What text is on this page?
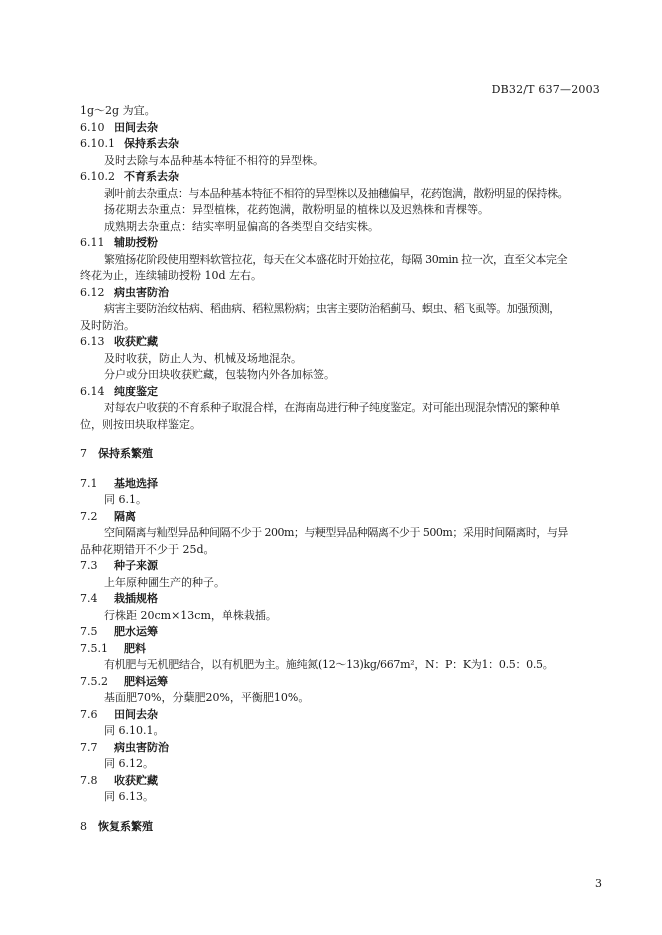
DB32/T 637—2003
1g～2g 为宜。
6.10 田间去杂
6.10.1 保持系去杂
及时去除与本品种基本特征不相符的异型株。
6.10.2 不育系去杂
剥叶前去杂重点：与本品种基本特征不相符的异型株以及抽穗偏早，花药饱满，散粉明显的保持株。
扬花期去杂重点：异型植株，花药饱满，散粉明显的植株以及迟熟株和青棵等。
成熟期去杂重点：结实率明显偏高的各类型自交结实株。
6.11 辅助授粉
繁殖扬花阶段使用塑料软管拉花，每天在父本盛花时开始拉花，每隔 30min 拉一次，直至父本完全
终花为止，连续辅助授粉 10d 左右。
6.12 病虫害防治
病害主要防治纹枯病、稻曲病、稻粒黑粉病；虫害主要防治稻蓟马、螟虫、稻飞虱等。加强预测，
及时防治。
6.13 收获贮藏
及时收获，防止人为、机械及场地混杂。
分户或分田块收获贮藏，包装物内外各加标签。
6.14 纯度鉴定
对每农户收获的不育系种子取混合样，在海南岛进行种子纯度鉴定。对可能出现混杂情况的繁种单
位，则按田块取样鉴定。
7 保持系繁殖
7.1 基地选择
同 6.1。
7.2 隔离
空间隔离与籼型异品种间隔不少于 200m；与粳型异品种隔离不少于 500m；采用时间隔离时，与异
品种花期错开不少于 25d。
7.3 种子来源
上年原种圃生产的种子。
7.4 栽插规格
行株距 20cm×13cm，单株栽插。
7.5 肥水运筹
7.5.1 肥料
有机肥与无机肥结合，以有机肥为主。施纯氮(12～13)kg/667m²，N：P：K为1：0.5：0.5。
7.5.2 肥料运筹
基面肥70%，分蘖肥20%，平衡肥10%。
7.6 田间去杂
同 6.10.1。
7.7 病虫害防治
同 6.12。
7.8 收获贮藏
同 6.13。
8 恢复系繁殖
3
